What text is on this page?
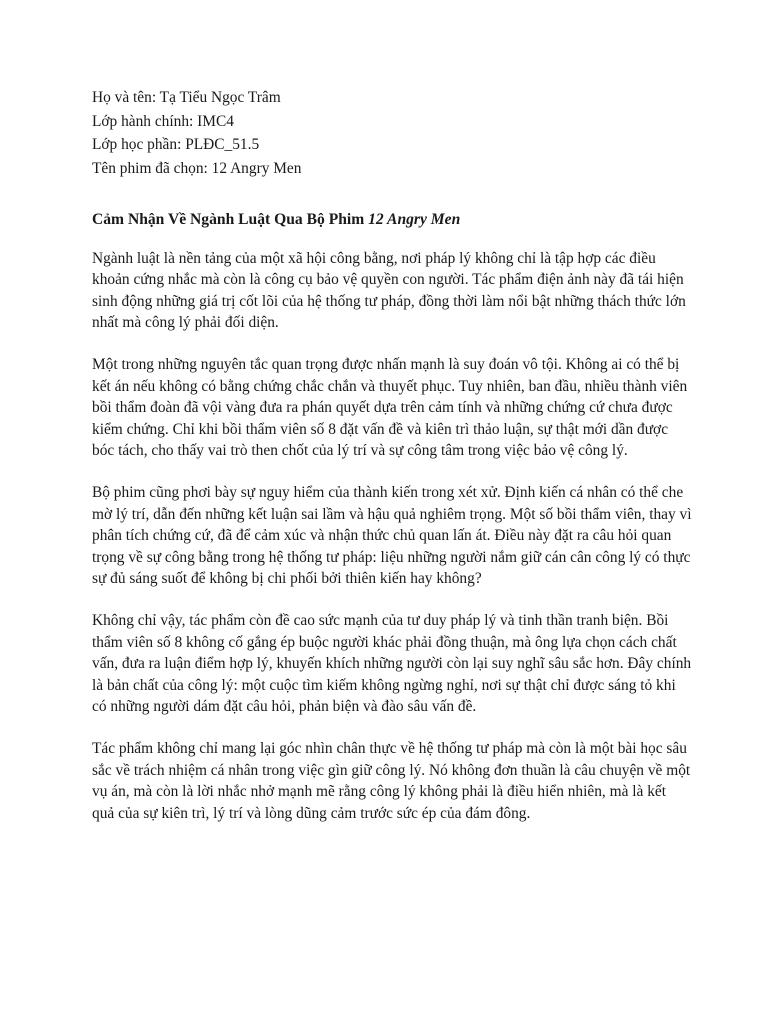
Họ và tên: Tạ Tiểu Ngọc Trâm
Lớp hành chính: IMC4
Lớp học phần: PLĐC_51.5
Tên phim đã chọn: 12 Angry Men
Cảm Nhận Về Ngành Luật Qua Bộ Phim 12 Angry Men

Ngành luật là nền tảng của một xã hội công bằng, nơi pháp lý không chỉ là tập hợp các điều khoản cứng nhắc mà còn là công cụ bảo vệ quyền con người. Tác phẩm điện ảnh này đã tái hiện sinh động những giá trị cốt lõi của hệ thống tư pháp, đồng thời làm nổi bật những thách thức lớn nhất mà công lý phải đối diện.

Một trong những nguyên tắc quan trọng được nhấn mạnh là suy đoán vô tội. Không ai có thể bị kết án nếu không có bằng chứng chắc chắn và thuyết phục. Tuy nhiên, ban đầu, nhiều thành viên bồi thẩm đoàn đã vội vàng đưa ra phán quyết dựa trên cảm tính và những chứng cứ chưa được kiểm chứng. Chỉ khi bồi thẩm viên số 8 đặt vấn đề và kiên trì thảo luận, sự thật mới dần được bóc tách, cho thấy vai trò then chốt của lý trí và sự công tâm trong việc bảo vệ công lý.

Bộ phim cũng phơi bày sự nguy hiểm của thành kiến trong xét xử. Định kiến cá nhân có thể che mờ lý trí, dẫn đến những kết luận sai lầm và hậu quả nghiêm trọng. Một số bồi thẩm viên, thay vì phân tích chứng cứ, đã để cảm xúc và nhận thức chủ quan lấn át. Điều này đặt ra câu hỏi quan trọng về sự công bằng trong hệ thống tư pháp: liệu những người nắm giữ cán cân công lý có thực sự đủ sáng suốt để không bị chi phối bởi thiên kiến hay không?

Không chỉ vậy, tác phẩm còn đề cao sức mạnh của tư duy pháp lý và tinh thần tranh biện. Bồi thẩm viên số 8 không cố gắng ép buộc người khác phải đồng thuận, mà ông lựa chọn cách chất vấn, đưa ra luận điểm hợp lý, khuyến khích những người còn lại suy nghĩ sâu sắc hơn. Đây chính là bản chất của công lý: một cuộc tìm kiếm không ngừng nghỉ, nơi sự thật chỉ được sáng tỏ khi có những người dám đặt câu hỏi, phản biện và đào sâu vấn đề.

Tác phẩm không chỉ mang lại góc nhìn chân thực về hệ thống tư pháp mà còn là một bài học sâu sắc về trách nhiệm cá nhân trong việc gìn giữ công lý. Nó không đơn thuần là câu chuyện về một vụ án, mà còn là lời nhắc nhở mạnh mẽ rằng công lý không phải là điều hiển nhiên, mà là kết quả của sự kiên trì, lý trí và lòng dũng cảm trước sức ép của đám đông.
